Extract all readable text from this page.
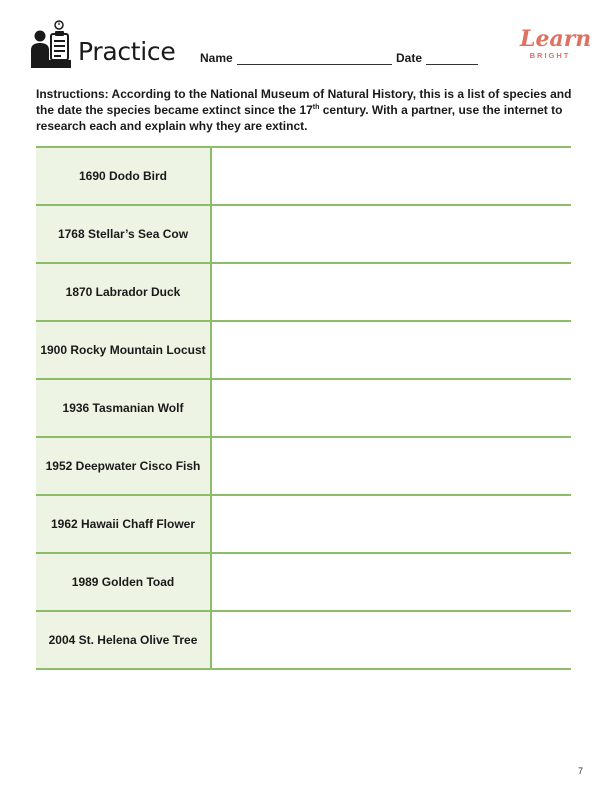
Practice Name	Date
Learn
BRIGHT
Instructions: According to the National Museum of Natural History, this is a list of species and the date the species became extinct since the 17th century. With a partner, use the internet to research each and explain why they are extinct.
1690 Dodo Bird
1768 Stellar’s Sea Cow
1870 Labrador Duck
1900 Rocky Mountain Locust
1936 Tasmanian Wolf
1952 Deepwater Cisco Fish
1962 Hawaii Chaff Flower
1989 Golden Toad
2004 St. Helena Olive Tree
7
